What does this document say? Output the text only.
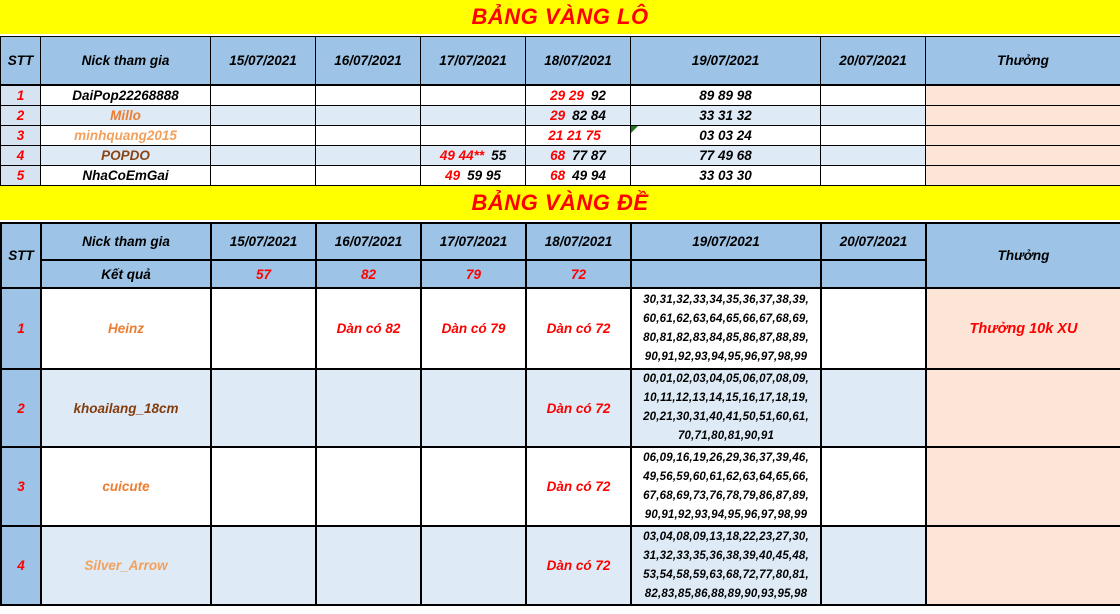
BẢNG VÀNG LÔ
STT	Nick tham gia	15/07/2021	16/07/2021	17/07/2021	18/07/2021	19/07/2021	20/07/2021	Thưởng
1	DaiPop22268888				29 29 92	89 89 98		
2	Millo				29 82 84	33 31 32		
3	minhquang2015				21 21 75	03 03 24		
4	POPDO			49 44** 55	68 77 87	77 49 68		
5	NhaCoEmGai			49 59 95	68 49 94	33 03 30		
BẢNG VÀNG ĐỀ
STT	Nick tham gia	15/07/2021	16/07/2021	17/07/2021	18/07/2021	19/07/2021	20/07/2021	Thưởng
	Kết quả	57	82	79	72			
1	Heinz		Dàn có 82	Dàn có 79	Dàn có 72	30,31,32,33,34,35,36,37,38,39,
60,61,62,63,64,65,66,67,68,69,
80,81,82,83,84,85,86,87,88,89,
90,91,92,93,94,95,96,97,98,99		Thưởng 10k XU
2	khoailang_18cm				Dàn có 72	00,01,02,03,04,05,06,07,08,09,
10,11,12,13,14,15,16,17,18,19,
20,21,30,31,40,41,50,51,60,61,
70,71,80,81,90,91		

3	cuicute				Dàn có 72	06,09,16,19,26,29,36,37,39,46,
49,56,59,60,61,62,63,64,65,66,
67,68,69,73,76,78,79,86,87,89,
90,91,92,93,94,95,96,97,98,99		

4	Silver_Arrow				Dàn có 72	03,04,08,09,13,18,22,23,27,30,
31,32,33,35,36,38,39,40,45,48,
53,54,58,59,63,68,72,77,80,81,
82,83,85,86,88,89,90,93,95,98		
